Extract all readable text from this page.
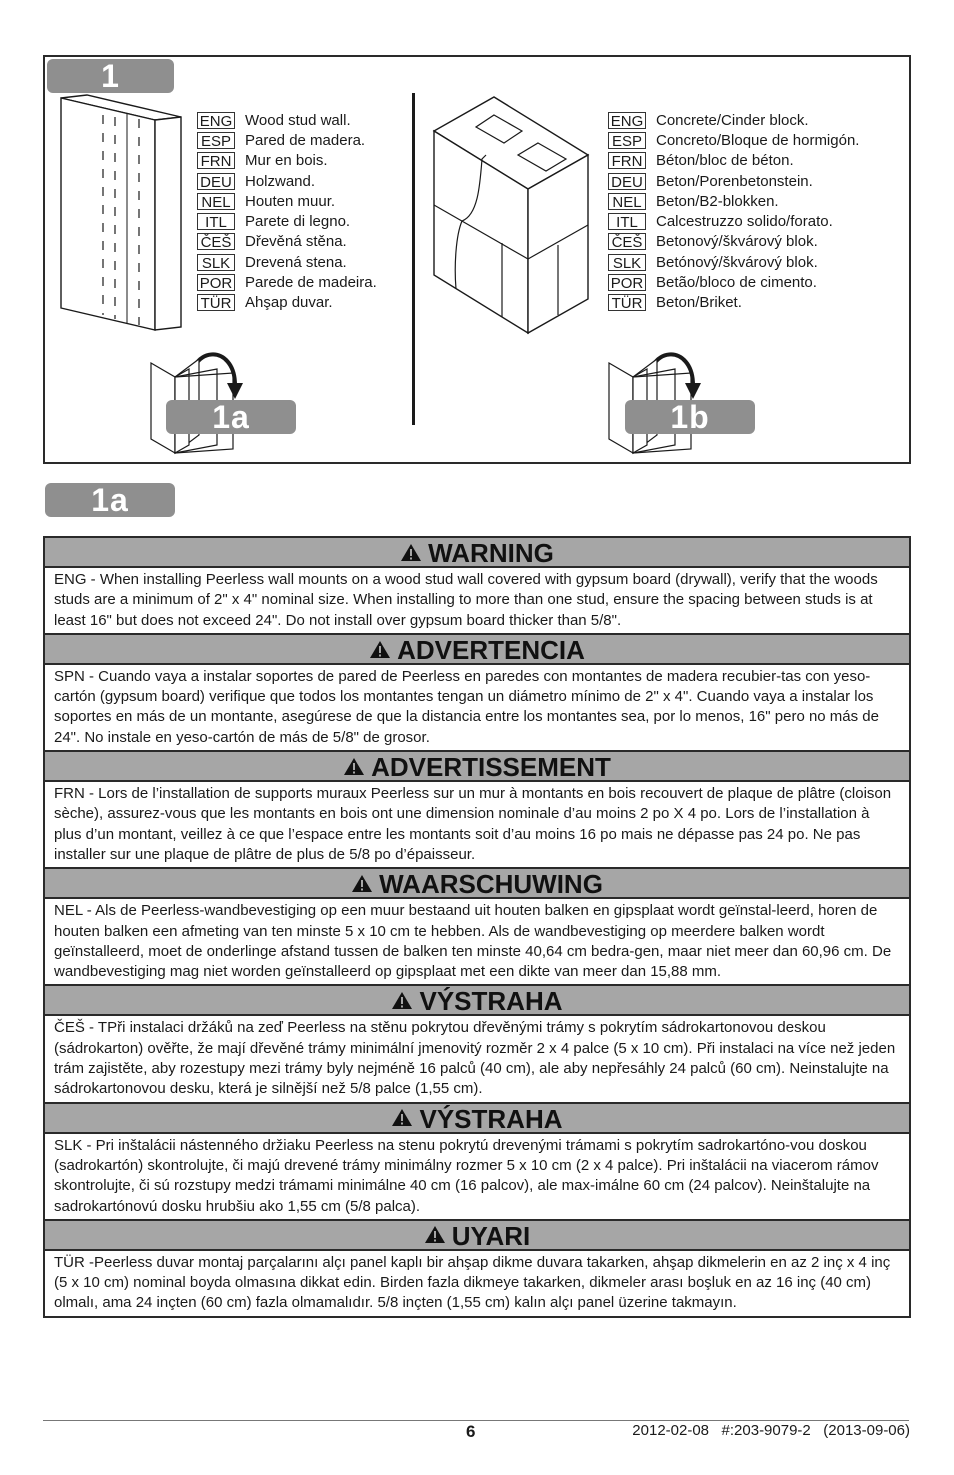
1
1a
ENG Wood stud wall.
ESP Pared de madera.
FRN Mur en bois.
DEU Holzwand.
NEL Houten muur.
ITL	Parete di legno.
ČEŠ Dřevěná stěna.
SLK Drevená stena.
POR Parede de madeira.
TÜR Ahşap duvar.
ENG Concrete/Cinder block.
ESP Concreto/Bloque de hormigón.
FRN Béton/bloc de béton.
DEU Beton/Porenbetonstein.
NEL Beton/B2-blokken.
ITL	Calcestruzzo solido/forato.
ČEŠ Betonový/škvárový blok.
SLK Betónový/škvárový blok.
POR Betão/bloco de cimento.
TÜR Beton/Briket.
1b
1a
WARNING
ENG - When installing Peerless wall mounts on a wood stud wall covered with gypsum board (drywall), verify that the woods studs are a minimum of 2" x 4" nominal size. When installing to more than one stud, ensure the spacing between studs is at least 16" but does not exceed 24". Do not install over gypsum board thicker than 5/8".
ADVERTENCIA
SPN - Cuando vaya a instalar soportes de pared de Peerless en paredes con montantes de madera recubier-tas con yeso-cartón (gypsum board) verifique que todos los montantes tengan un diámetro mínimo de 2" x 4". Cuando vaya a instalar los soportes en más de un montante, asegúrese de que la distancia entre los montantes sea, por lo menos, 16" pero no más de 24". No instale en yeso-cartón de más de 5/8" de grosor.
ADVERTISSEMENT
FRN - Lors de l’installation de supports muraux Peerless sur un mur à montants en bois recouvert de plaque de plâtre (cloison sèche), assurez-vous que les montants en bois ont une dimension nominale d’au moins 2 po X 4 po. Lors de l’installation à plus d’un montant, veillez à ce que l’espace entre les montants soit d’au moins 16 po mais ne dépasse pas 24 po. Ne pas installer sur une plaque de plâtre de plus de 5/8 po d’épaisseur.
WAARSCHUWING
NEL - Als de Peerless-wandbevestiging op een muur bestaand uit houten balken en gipsplaat wordt geïnstal-leerd, horen de houten balken een afmeting van ten minste 5 x 10 cm te hebben. Als de wandbevestiging op meerdere balken wordt geïnstalleerd, moet de onderlinge afstand tussen de balken ten minste 40,64 cm bedra-gen, maar niet meer dan 60,96 cm. De wandbevestiging mag niet worden geïnstalleerd op gipsplaat met een dikte van meer dan 15,88 mm.
VÝSTRAHA
ČEŠ - TPři instalaci držáků na zeď Peerless na stěnu pokrytou dřevěnými trámy s pokrytím sádrokartonovou deskou (sádrokarton) ověřte, že mají dřevěné trámy minimální jmenovitý rozměr 2 x 4 palce (5 x 10 cm). Při instalaci na více než jeden trám zajistěte, aby rozestupy mezi trámy byly nejméně 16 palců (40 cm), ale aby nepřesáhly 24 palců (60 cm). Neinstalujte na sádrokartonovou desku, která je silnější než 5/8 palce (1,55 cm).
VÝSTRAHA
SLK - Pri inštalácii nástenného držiaku Peerless na stenu pokrytú drevenými trámami s pokrytím sadrokartóno-vou doskou (sadrokartón) skontrolujte, či majú drevené trámy minimálny rozmer 5 x 10 cm (2 x 4 palce). Pri inštalácii na viacerom rámov skontrolujte, či sú rozstupy medzi trámami minimálne 40 cm (16 palcov), ale max-imálne 60 cm (24 palcov). Neinštalujte na sadrokartónovú dosku hrubšiu ako 1,55 cm (5/8 palca).
UYARI
TÜR -Peerless duvar montaj parçalarını alçı panel kaplı bir ahşap dikme duvara takarken, ahşap dikmelerin en az 2 inç x 4 inç (5 x 10 cm) nominal boyda olmasına dikkat edin. Birden fazla dikmeye takarken, dikmeler arası boşluk en az 16 inç (40 cm) olmalı, ama 24 inçten (60 cm) fazla olmamalıdır. 5/8 inçten (1,55 cm) kalın alçı panel üzerine takmayın.
6	2012-02-08   #:203-9079-2   (2013-09-06)
